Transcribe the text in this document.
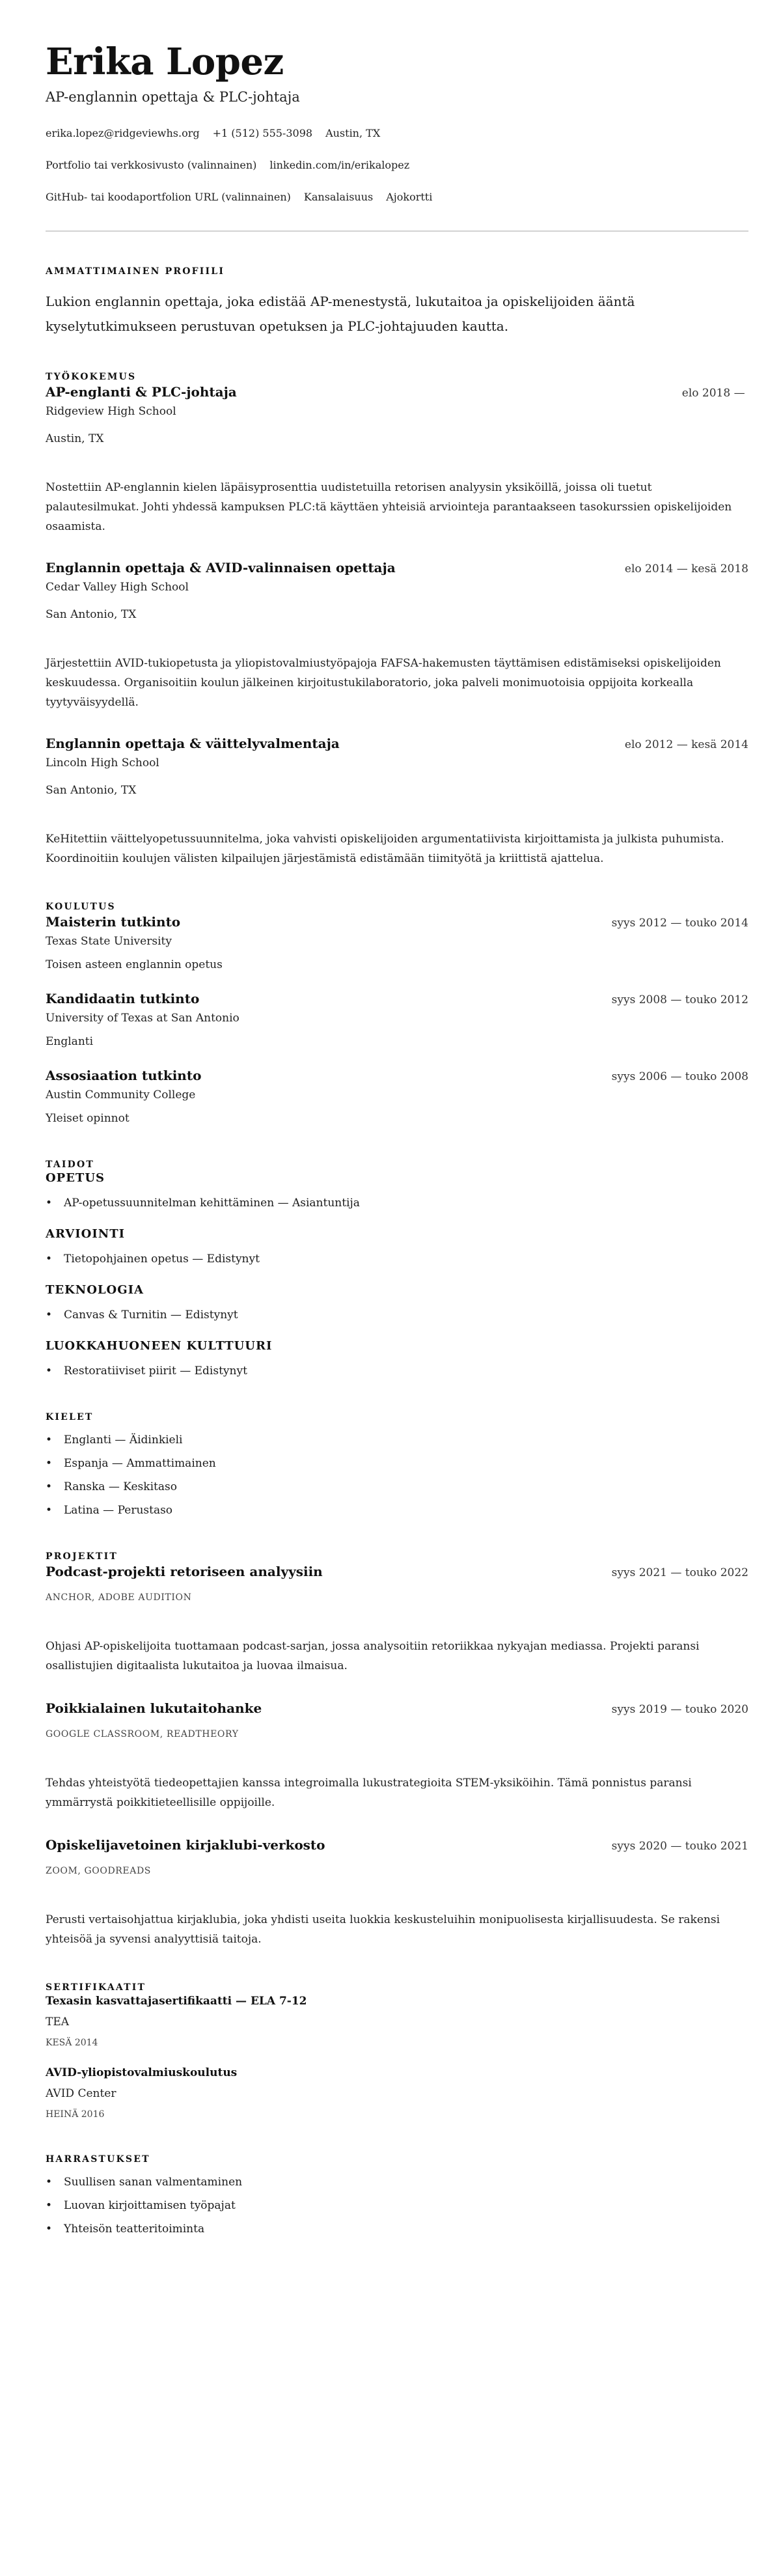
Erika Lopez
AP-englannin opettaja & PLC-johtaja
erika.lopez@ridgeviewhs.org +1 (512) 555-3098 Austin, TX
Portfolio tai verkkosivusto (valinnainen) linkedin.com/in/erikalopez
GitHub- tai koodaportfolion URL (valinnainen) Kansalaisuus Ajokortti
AMMATTIMAINEN PROFIILI

Lukion englannin opettaja, joka edistää AP-menestystä, lukutaitoa ja opiskelijoiden ääntä kyselytutkimukseen perustuvan opetuksen ja PLC-johtajuuden kautta.

TYÖKOKEMUS
AP-englanti & PLC-johtaja	elo 2018 —
Ridgeview High School
Austin, TX

Nostettiin AP-englannin kielen läpäisyprosenttia uudistetuilla retorisen analyysin yksiköillä, joissa oli tuetut palautesilmukat. Johti yhdessä kampuksen PLC:tä käyttäen yhteisiä arviointeja parantaakseen tasokurssien opiskelijoiden osaamista.

Englannin opettaja & AVID-valinnaisen opettaja	elo 2014 — kesä 2018
Cedar Valley High School
San Antonio, TX

Järjestettiin AVID-tukiopetusta ja yliopistovalmiustyöpajoja FAFSA-hakemusten täyttämisen edistämiseksi opiskelijoiden keskuudessa. Organisoitiin koulun jälkeinen kirjoitustukilaboratorio, joka palveli monimuotoisia oppijoita korkealla tyytyväisyydellä.

Englannin opettaja & väittelyvalmentaja	elo 2012 — kesä 2014
Lincoln High School
San Antonio, TX

KeHitettiin väittelyopetussuunnitelma, joka vahvisti opiskelijoiden argumentatiivista kirjoittamista ja julkista puhumista. Koordinoitiin koulujen välisten kilpailujen järjestämistä edistämään tiimityötä ja kriittistä ajattelua.

KOULUTUS
Maisterin tutkinto	syys 2012 — touko 2014
Texas State University
Toisen asteen englannin opetus
Kandidaatin tutkinto	syys 2008 — touko 2012
University of Texas at San Antonio
Englanti
Assosiaation tutkinto	syys 2006 — touko 2008
Austin Community College
Yleiset opinnot
TAIDOT
OPETUS
• AP-opetussuunnitelman kehittäminen — Asiantuntija
ARVIOINTI
• Tietopohjainen opetus — Edistynyt
TEKNOLOGIA
• Canvas & Turnitin — Edistynyt
LUOKKAHUONEEN KULTTUURI
• Restoratiiviset piirit — Edistynyt
KIELET
• Englanti — Äidinkieli
• Espanja — Ammattimainen
• Ranska — Keskitaso
• Latina — Perustaso
PROJEKTIT
Podcast-projekti retoriseen analyysiin	syys 2021 — touko 2022
ANCHOR, ADOBE AUDITION

Ohjasi AP-opiskelijoita tuottamaan podcast-sarjan, jossa analysoitiin retoriikkaa nykyajan mediassa. Projekti paransi osallistujien digitaalista lukutaitoa ja luovaa ilmaisua.

Poikkialainen lukutaitohanke	syys 2019 — touko 2020
GOOGLE CLASSROOM, READTHEORY

Tehdas yhteistyötä tiedeopettajien kanssa integroimalla lukustrategioita STEM-yksiköihin. Tämä ponnistus paransi ymmärrystä poikkitieteellisille oppijoille.

Opiskelijavetoinen kirjaklubi-verkosto	syys 2020 — touko 2021
ZOOM, GOODREADS

Perusti vertaisohjattua kirjaklubia, joka yhdisti useita luokkia keskusteluihin monipuolisesta kirjallisuudesta. Se rakensi yhteisöä ja syvensi analyyttisiä taitoja.

SERTIFIKAATIT
Texasin kasvattajasertifikaatti — ELA 7-12
TEA
KESÄ 2014
AVID-yliopistovalmiuskoulutus
AVID Center
HEINÄ 2016
HARRASTUKSET
• Suullisen sanan valmentaminen
• Luovan kirjoittamisen työpajat
• Yhteisön teatteritoiminta
